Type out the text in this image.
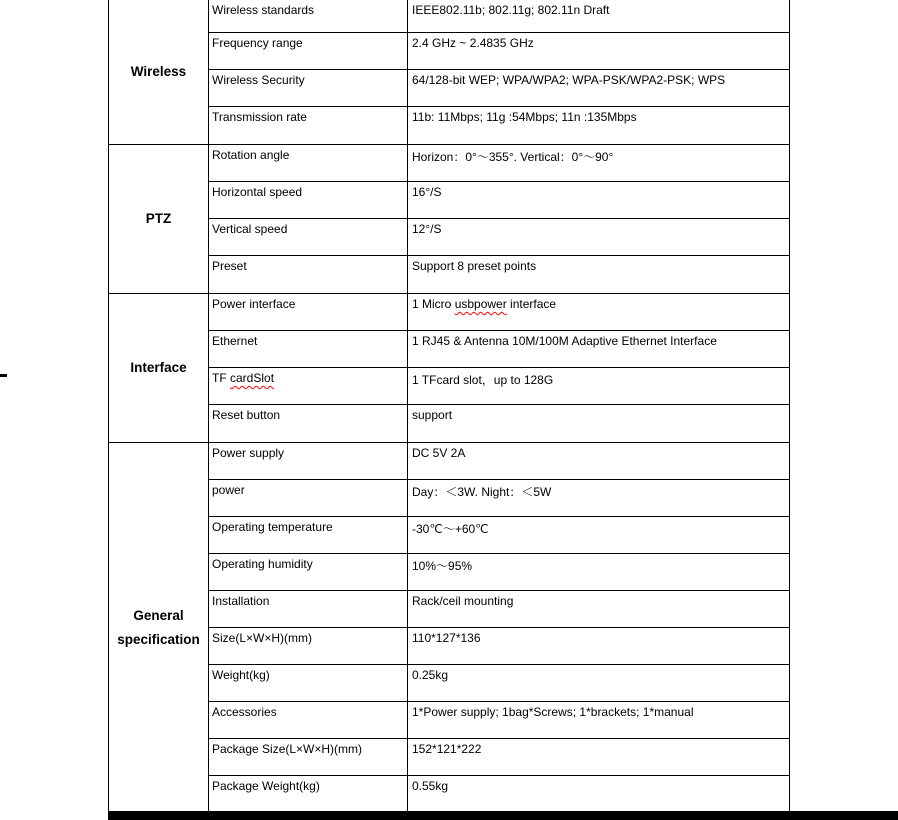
Wireless
Wireless standards	IEEE802.11b; 802.11g; 802.11n Draft
Frequency range	2.4 GHz ~ 2.4835 GHz
Wireless Security	64/128-bit WEP; WPA/WPA2; WPA-PSK/WPA2-PSK; WPS
Transmission rate	11b: 11Mbps; 11g :54Mbps; 11n :135Mbps
PTZ
Rotation angle	Horizon：0°～355°. Vertical：0°～90°
Horizontal speed	16°/S
Vertical speed	12°/S
Preset	Support 8 preset points
Interface
Power interface	1 Micro usbpower interface
Ethernet	1 RJ45 & Antenna 10M/100M Adaptive Ethernet Interface
TF cardSlot	1 TFcard slot，up to 128G
Reset button	support
General specification
Power supply	DC 5V 2A
power	Day：＜3W. Night：＜5W
Operating temperature	-30℃～+60℃
Operating humidity	10%～95%
Installation	Rack/ceil mounting
Size(L×W×H)(mm)	110*127*136
Weight(kg)	0.25kg
Accessories	1*Power supply; 1bag*Screws; 1*brackets; 1*manual
Package Size(L×W×H)(mm)	152*121*222
Package Weight(kg)	0.55kg
